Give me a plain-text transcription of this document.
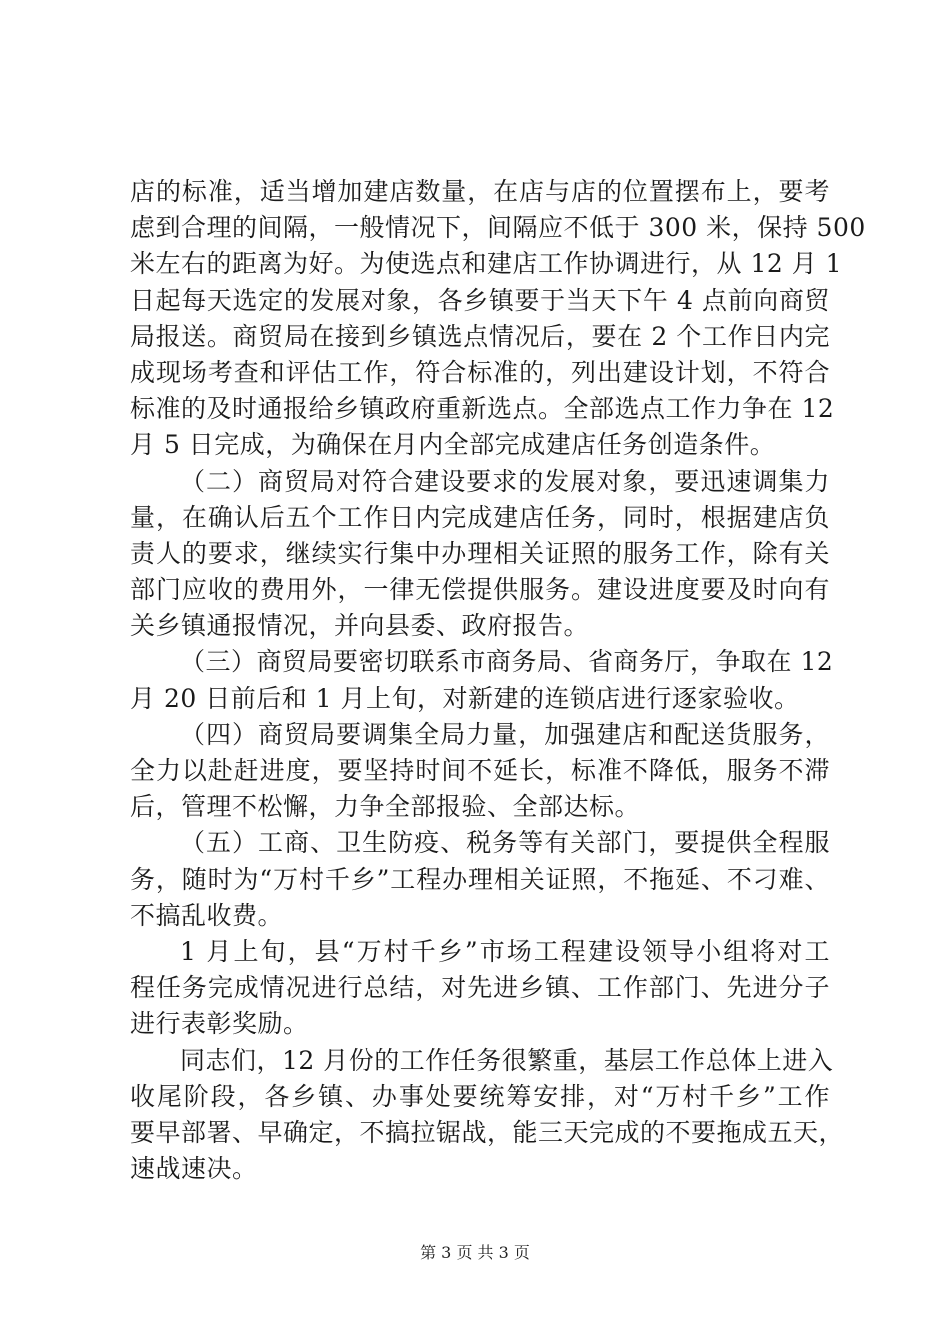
店的标准，适当增加建店数量，在店与店的位置摆布上，要考
虑到合理的间隔，一般情况下，间隔应不低于 300 米，保持 500
米左右的距离为好。为使选点和建店工作协调进行，从 12 月 1
日起每天选定的发展对象，各乡镇要于当天下午 4 点前向商贸
局报送。商贸局在接到乡镇选点情况后，要在 2 个工作日内完
成现场考查和评估工作，符合标准的，列出建设计划，不符合
标准的及时通报给乡镇政府重新选点。全部选点工作力争在 12
月 5 日完成，为确保在月内全部完成建店任务创造条件。
（二）商贸局对符合建设要求的发展对象，要迅速调集力
量，在确认后五个工作日内完成建店任务，同时，根据建店负
责人的要求，继续实行集中办理相关证照的服务工作，除有关
部门应收的费用外，一律无偿提供服务。建设进度要及时向有
关乡镇通报情况，并向县委、政府报告。
（三）商贸局要密切联系市商务局、省商务厅，争取在 12
月 20 日前后和 1 月上旬，对新建的连锁店进行逐家验收。
（四）商贸局要调集全局力量，加强建店和配送货服务，
全力以赴赶进度，要坚持时间不延长，标准不降低，服务不滞
后，管理不松懈，力争全部报验、全部达标。
（五）工商、卫生防疫、税务等有关部门，要提供全程服
务，随时为“万村千乡”工程办理相关证照，不拖延、不刁难、
不搞乱收费。
1 月上旬，县“万村千乡”市场工程建设领导小组将对工
程任务完成情况进行总结，对先进乡镇、工作部门、先进分子
进行表彰奖励。
同志们，12 月份的工作任务很繁重，基层工作总体上进入
收尾阶段，各乡镇、办事处要统筹安排，对“万村千乡”工作
要早部署、早确定，不搞拉锯战，能三天完成的不要拖成五天，
速战速决。
第 3 页 共 3 页
